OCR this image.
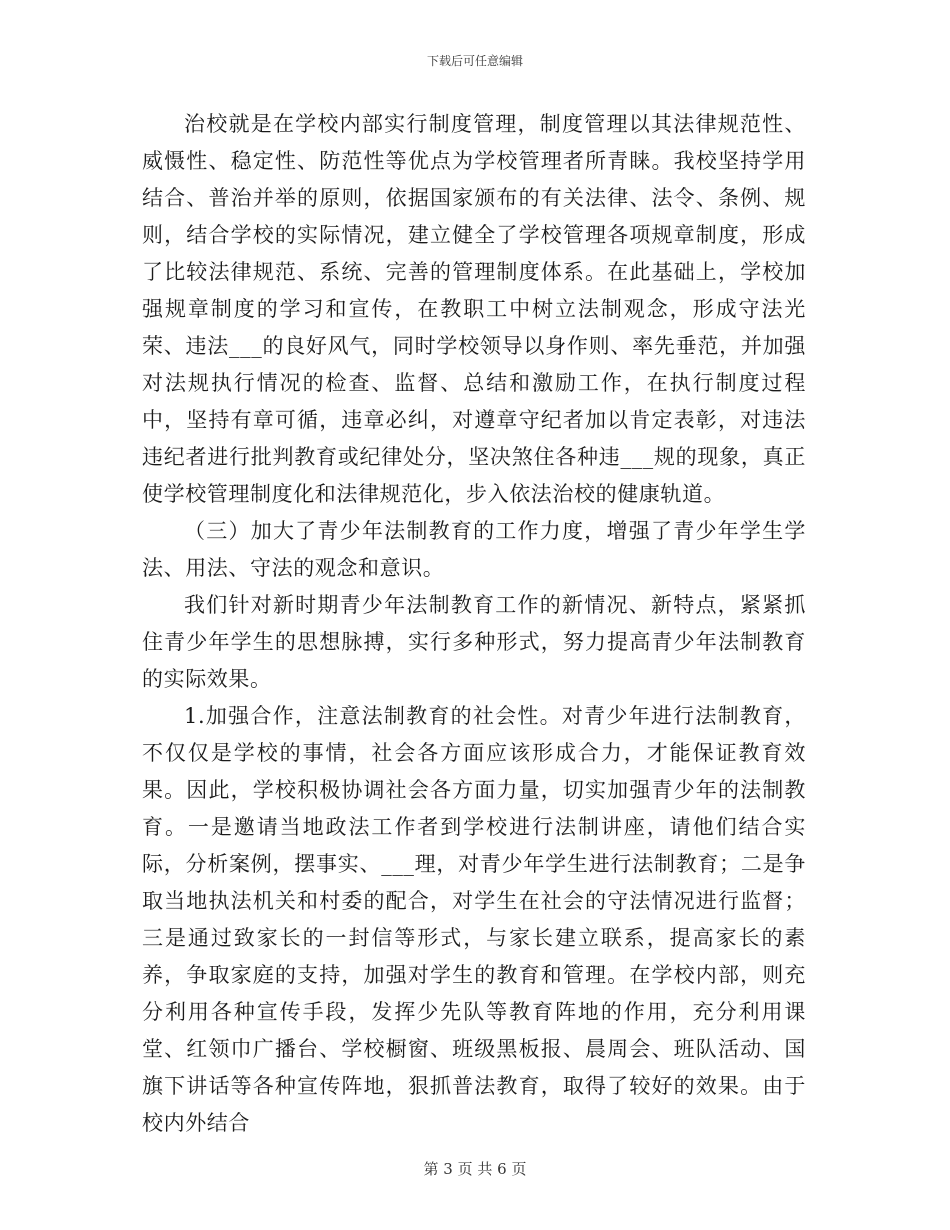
下载后可任意编辑

治校就是在学校内部实行制度管理，制度管理以其法律规范性、威慑性、稳定性、防范性等优点为学校管理者所青睐。我校坚持学用结合、普治并举的原则，依据国家颁布的有关法律、法令、条例、规则，结合学校的实际情况，建立健全了学校管理各项规章制度，形成了比较法律规范、系统、完善的管理制度体系。在此基础上，学校加强规章制度的学习和宣传，在教职工中树立法制观念，形成守法光荣、违法___的良好风气，同时学校领导以身作则、率先垂范，并加强对法规执行情况的检查、监督、总结和激励工作，在执行制度过程中，坚持有章可循，违章必纠，对遵章守纪者加以肯定表彰，对违法违纪者进行批判教育或纪律处分，坚决煞住各种违___规的现象，真正使学校管理制度化和法律规范化，步入依法治校的健康轨道。

（三）加大了青少年法制教育的工作力度，增强了青少年学生学法、用法、守法的观念和意识。

我们针对新时期青少年法制教育工作的新情况、新特点，紧紧抓住青少年学生的思想脉搏，实行多种形式，努力提高青少年法制教育的实际效果。

1.加强合作，注意法制教育的社会性。对青少年进行法制教育，不仅仅是学校的事情，社会各方面应该形成合力，才能保证教育效果。因此，学校积极协调社会各方面力量，切实加强青少年的法制教育。一是邀请当地政法工作者到学校进行法制讲座，请他们结合实际，分析案例，摆事实、___理，对青少年学生进行法制教育；二是争取当地执法机关和村委的配合，对学生在社会的守法情况进行监督；三是通过致家长的一封信等形式，与家长建立联系，提高家长的素养，争取家庭的支持，加强对学生的教育和管理。在学校内部，则充分利用各种宣传手段，发挥少先队等教育阵地的作用，充分利用课堂、红领巾广播台、学校橱窗、班级黑板报、晨周会、班队活动、国旗下讲话等各种宣传阵地，狠抓普法教育，取得了较好的效果。由于校内外结合

第 3 页 共 6 页
